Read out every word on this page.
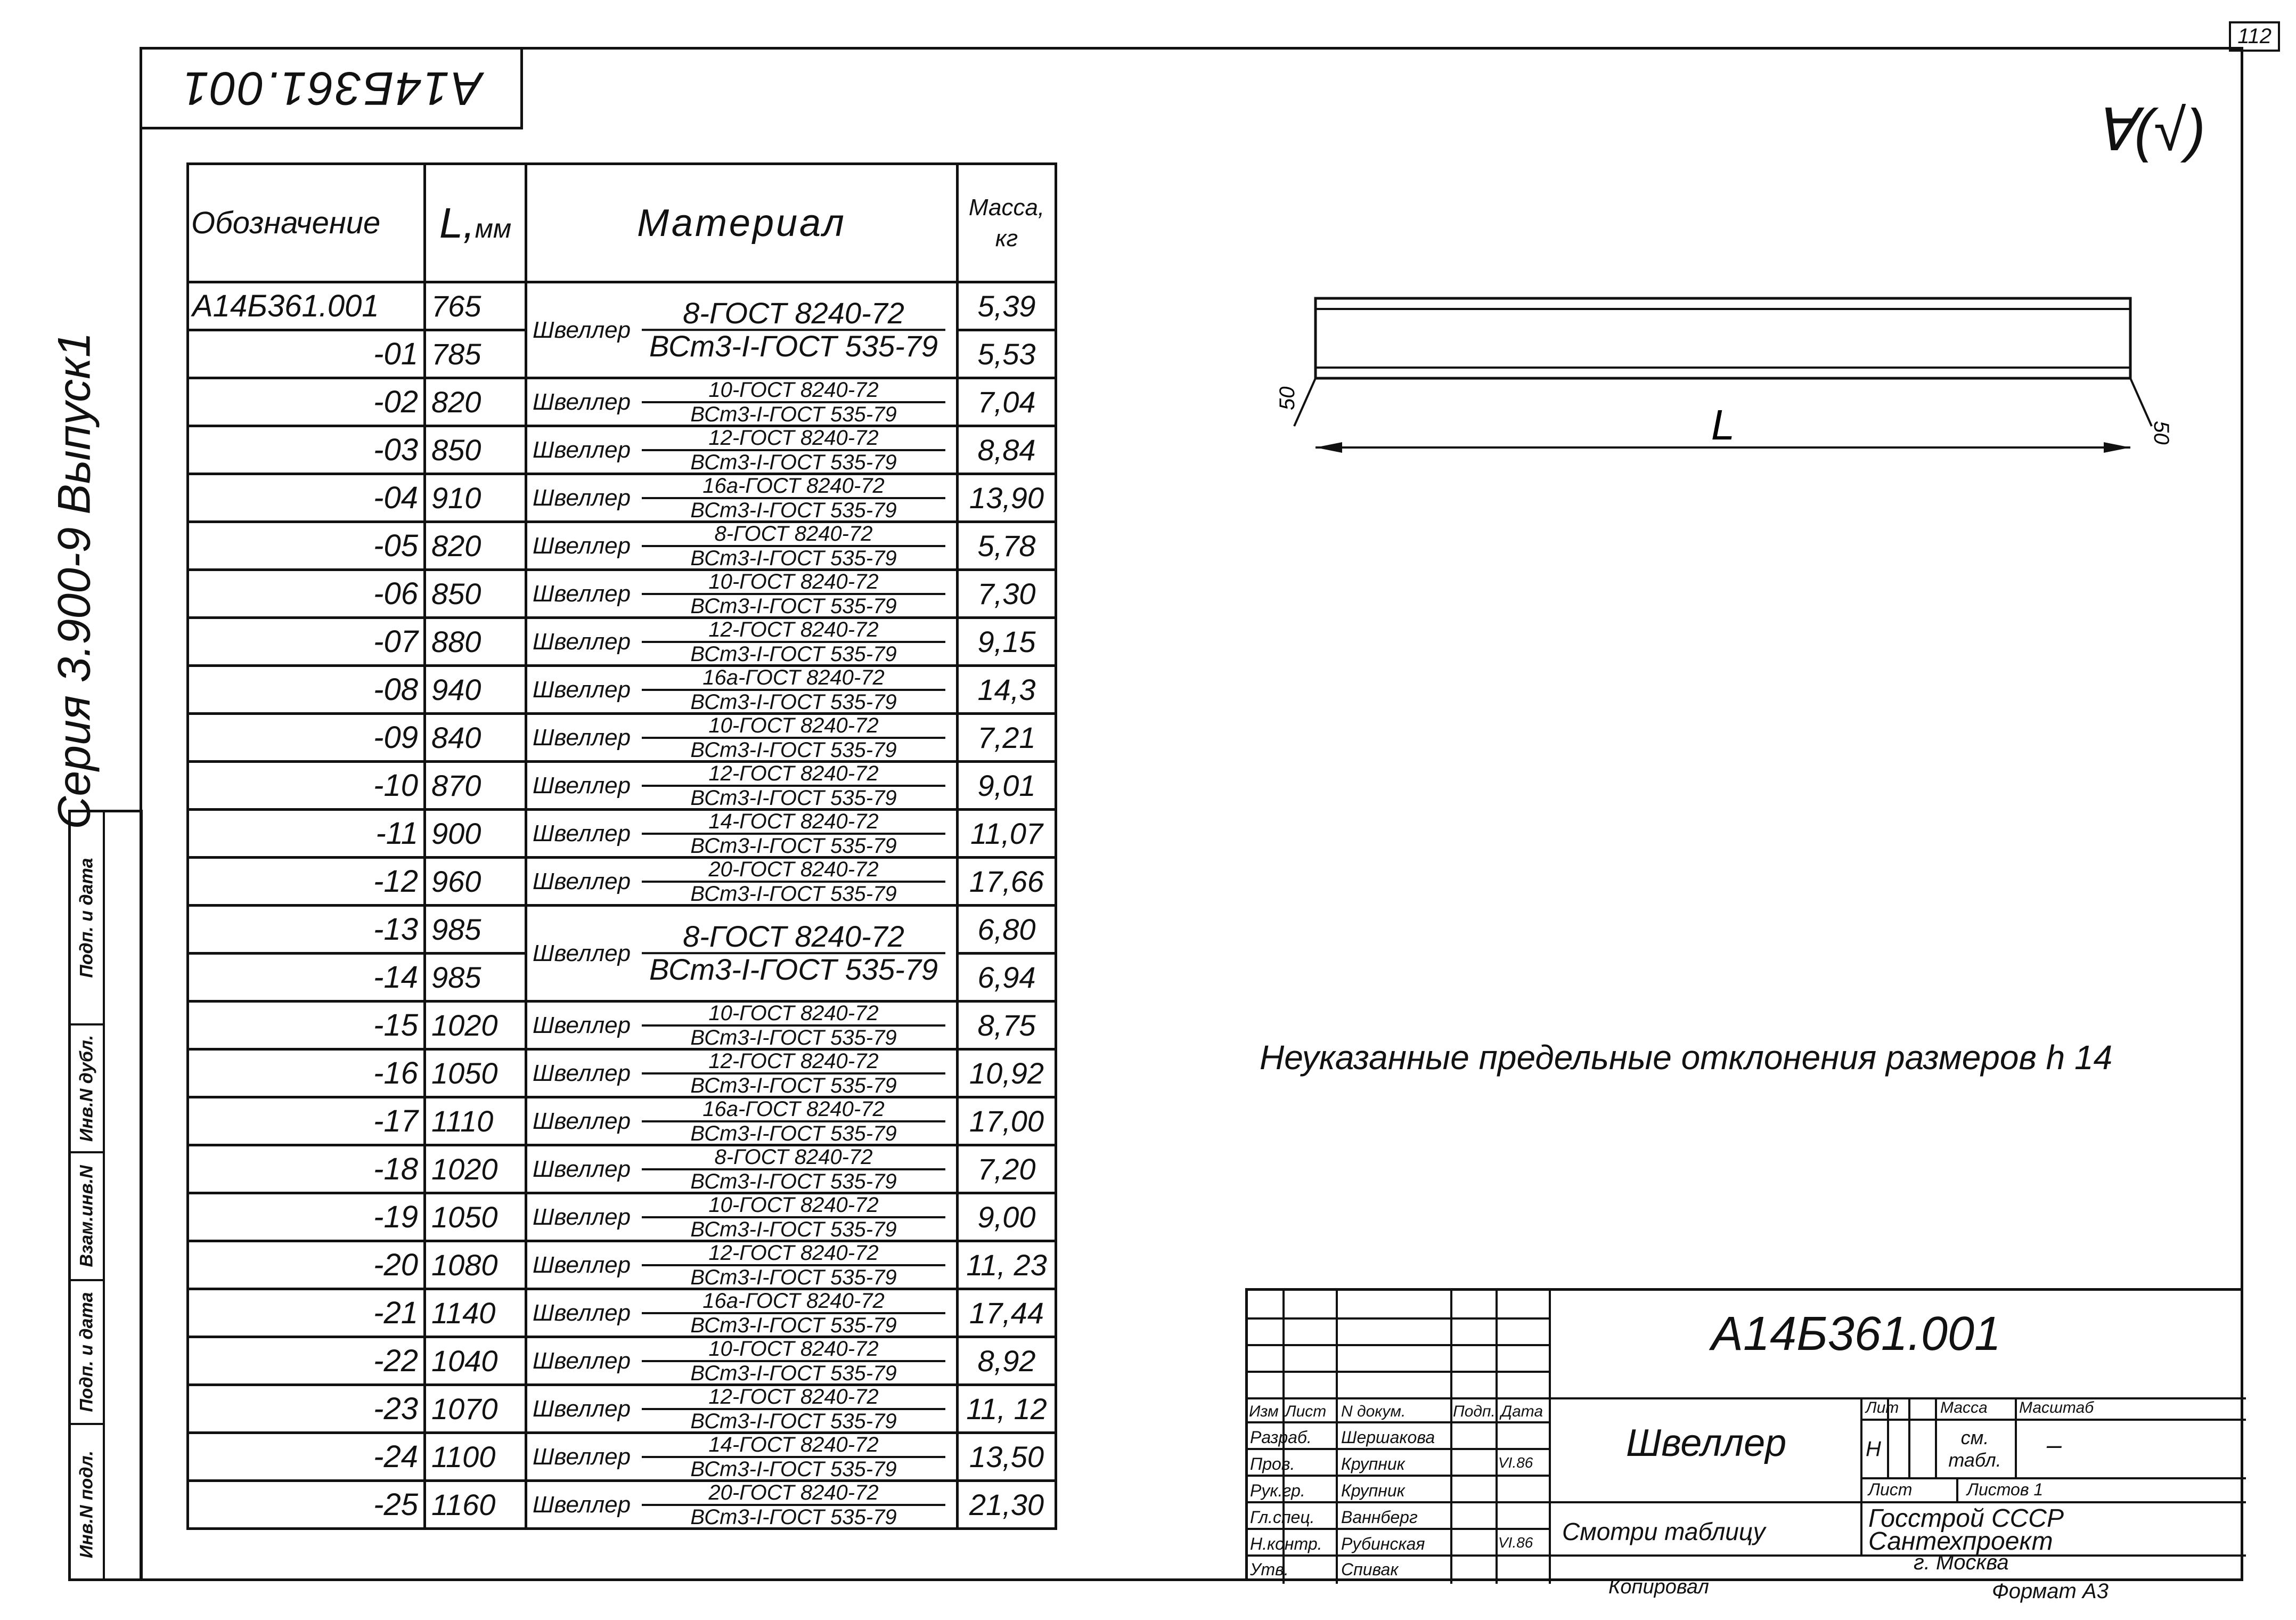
112
А14Б361.001
Серия 3.900-9 Выпуск1
∀(√)
Инв.N подл.
Подп. и дата
Взам.инв.N
Инв.N дубл.
Подп. и дата
Обозначение	L,мм	Материал	Масса,
кг
А14Б361.001	765	Швеллер
8-ГОСТ 8240-72
ВСт3-I-ГОСТ 535-79	5,39
-01	785		5,53
-02	820	Швеллер 10-ГОСТ 8240-72
ВСт3-I-ГОСТ 535-79	7,04
-03	850	Швеллер 12-ГОСТ 8240-72
ВСт3-I-ГОСТ 535-79	8,84
-04	910	Швеллер 16а-ГОСТ 8240-72
ВСт3-I-ГОСТ 535-79	13,90
-05	820	Швеллер 8-ГОСТ 8240-72
ВСт3-I-ГОСТ 535-79	5,78
-06	850	Швеллер 10-ГОСТ 8240-72
ВСт3-I-ГОСТ 535-79	7,30
-07	880	Швеллер 12-ГОСТ 8240-72
ВСт3-I-ГОСТ 535-79	9,15
-08	940	Швеллер 16а-ГОСТ 8240-72
ВСт3-I-ГОСТ 535-79	14,3
-09	840	Швеллер 10-ГОСТ 8240-72
ВСт3-I-ГОСТ 535-79	7,21
-10	870	Швеллер 12-ГОСТ 8240-72
ВСт3-I-ГОСТ 535-79	9,01
-11	900	Швеллер 14-ГОСТ 8240-72
ВСт3-I-ГОСТ 535-79	11,07
-12	960	Швеллер 20-ГОСТ 8240-72
ВСт3-I-ГОСТ 535-79	17,66
-13	985	Швеллер
8-ГОСТ 8240-72
ВСт3-I-ГОСТ 535-79	6,80
-14	985		6,94
-15	1020	Швеллер 10-ГОСТ 8240-72
ВСт3-I-ГОСТ 535-79	8,75
-16	1050	Швеллер 12-ГОСТ 8240-72
ВСт3-I-ГОСТ 535-79	10,92
-17	1110	Швеллер 16а-ГОСТ 8240-72
ВСт3-I-ГОСТ 535-79	17,00
-18	1020	Швеллер 8-ГОСТ 8240-72
ВСт3-I-ГОСТ 535-79	7,20
-19	1050	Швеллер 10-ГОСТ 8240-72
ВСт3-I-ГОСТ 535-79	9,00
-20	1080	Швеллер 12-ГОСТ 8240-72
ВСт3-I-ГОСТ 535-79	11, 23
-21	1140	Швеллер 16а-ГОСТ 8240-72
ВСт3-I-ГОСТ 535-79	17,44
-22	1040	Швеллер 10-ГОСТ 8240-72
ВСт3-I-ГОСТ 535-79	8,92
-23	1070	Швеллер 12-ГОСТ 8240-72
ВСт3-I-ГОСТ 535-79	11, 12
-24	1100	Швеллер 14-ГОСТ 8240-72
ВСт3-I-ГОСТ 535-79	13,50
-25	1160	Швеллер 20-ГОСТ 8240-72
ВСт3-I-ГОСТ 535-79	21,30
L
50
50
Неуказанные предельные отклонения размеров h 14
Изм Лист N докум.	Подп. Дата
Разраб. Шершакова
Пров.	Крупник	VI.86
Рук.гр. Крупник
Гл.спец. Ваннберг
Н.контр. Рубинская	VI.86
Утв.	Спивак
А14Б361.001
Швеллер
Смотри таблицу
Лит	Масса Масштаб
Н	см. табл.
–
Лист	Листов 1
Госстрой СССР
Сантехпроект
г. Москва
Копировал	Формат А3
